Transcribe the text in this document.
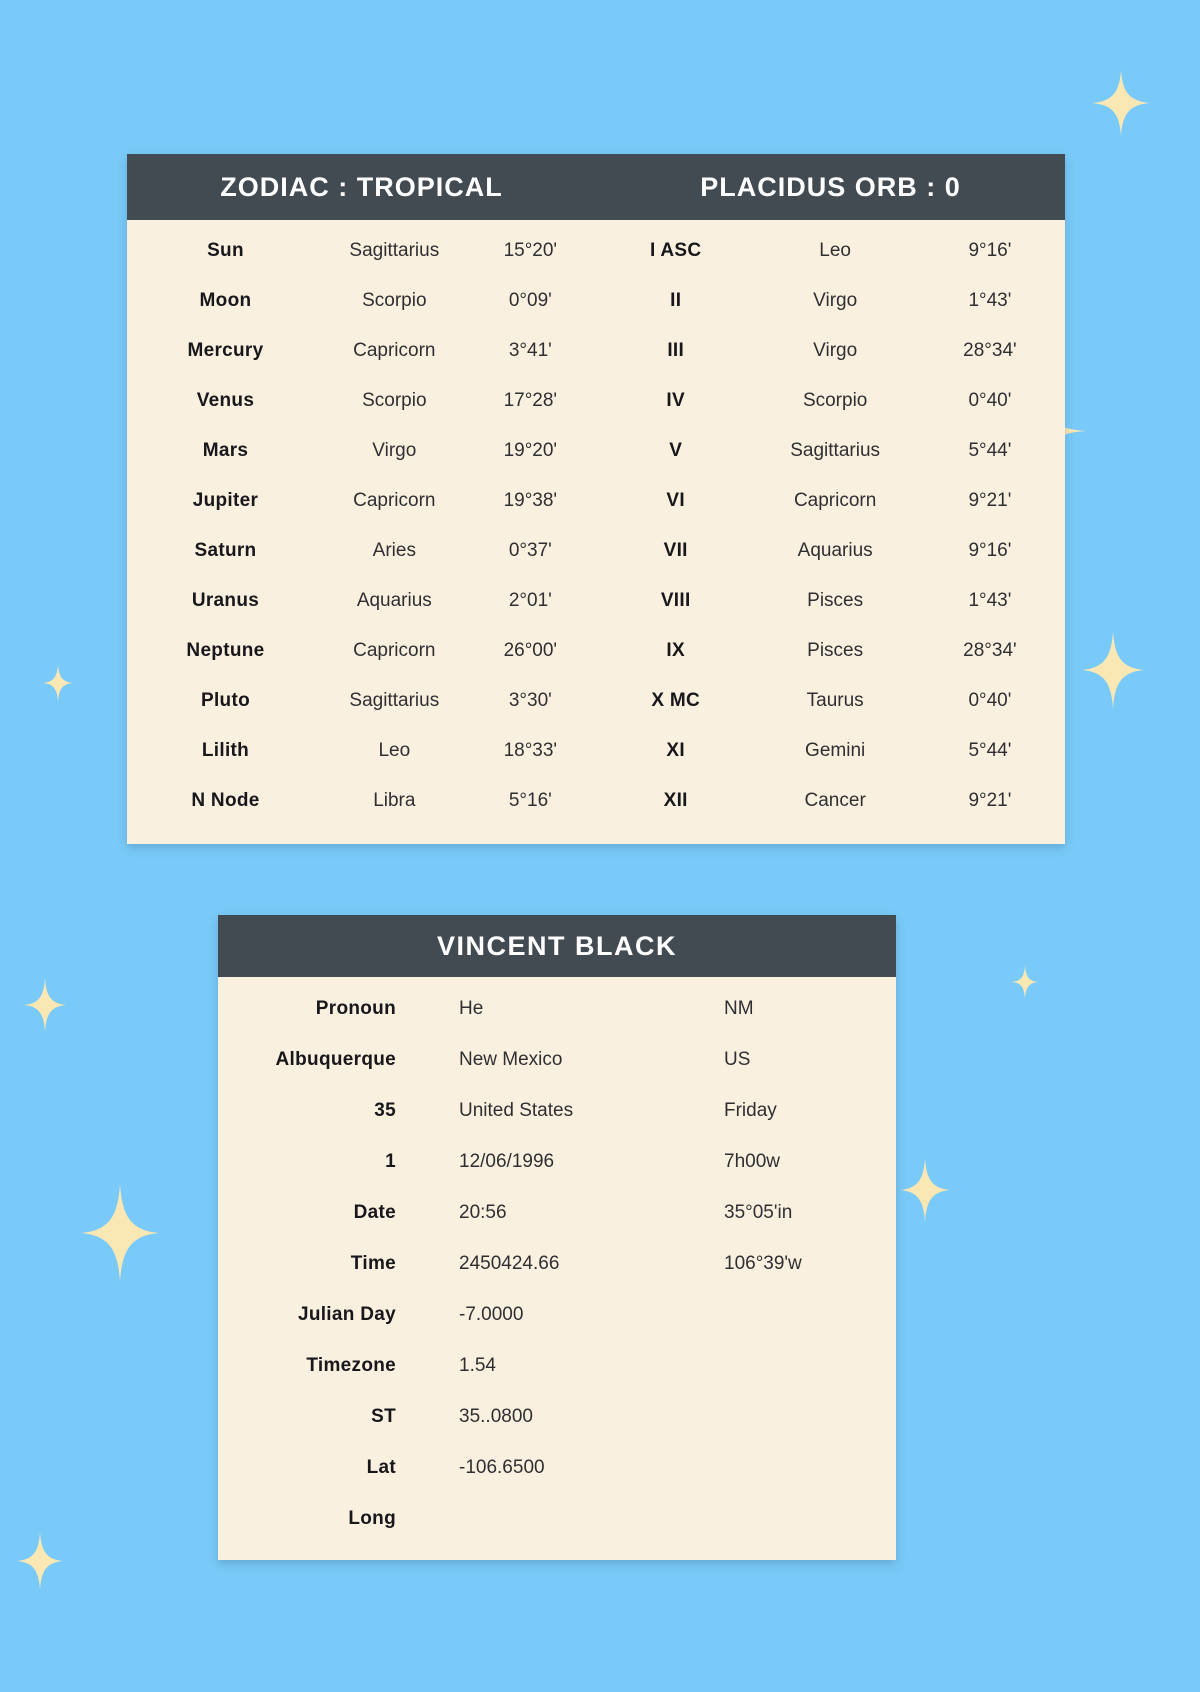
ZODIAC : TROPICAL	PLACIDUS ORB : 0
Sun	Sagittarius	15°20'	I ASC	Leo	9°16'
Moon	Scorpio	0°09'	II	Virgo	1°43'
Mercury	Capricorn	3°41'	III	Virgo	28°34'
Venus	Scorpio	17°28'	IV	Scorpio	0°40'
Mars	Virgo	19°20'	V	Sagittarius	5°44'
Jupiter	Capricorn	19°38'	VI	Capricorn	9°21'
Saturn	Aries	0°37'	VII	Aquarius	9°16'
Uranus	Aquarius	2°01'	VIII	Pisces	1°43'
Neptune	Capricorn	26°00'	IX	Pisces	28°34'
Pluto	Sagittarius	3°30'	X MC	Taurus	0°40'
Lilith	Leo	18°33'	XI	Gemini	5°44'
N Node	Libra	5°16'	XII	Cancer	9°21'
VINCENT BLACK
Pronoun	He	NM
Albuquerque	New Mexico	US
35	United States	Friday
1	12/06/1996	7h00w
Date	20:56	35°05'in
Time	2450424.66	106°39'w
Julian Day	-7.0000
Timezone	1.54
ST	35..0800
Lat	-106.6500
Long
